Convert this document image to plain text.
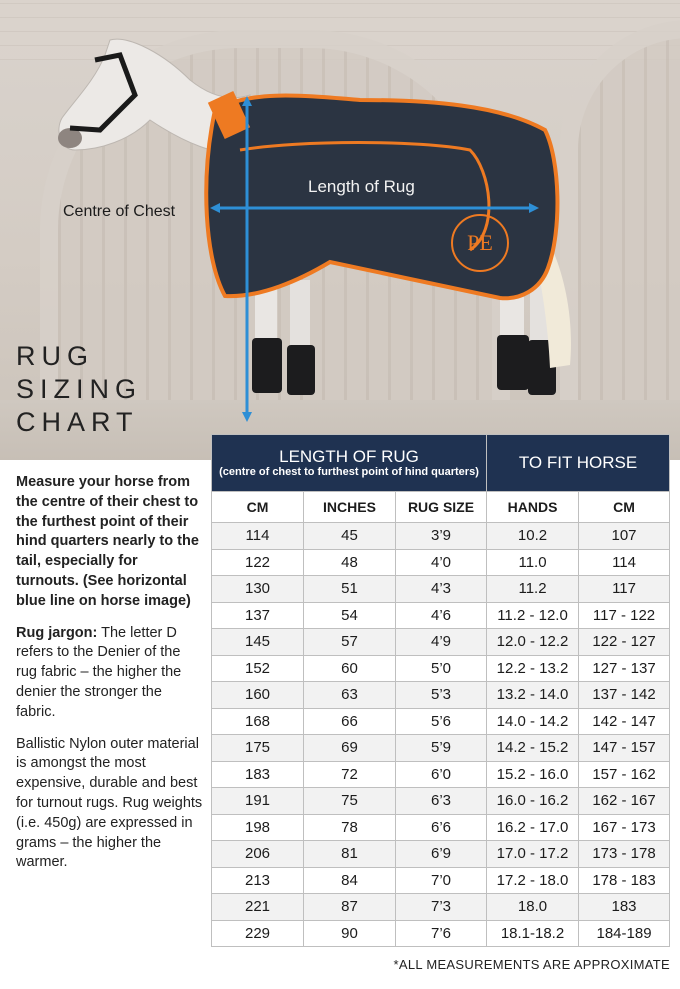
PE
Length of Rug
Centre of Chest
RUG
SIZING
CHART

Measure your horse from the centre of their chest to the furthest point of their hind quarters nearly to the tail, especially for turnouts. (See horizontal blue line on horse image)

Rug jargon: The letter D refers to the Denier of the rug fabric – the higher the denier the stronger the fabric.

Ballistic Nylon outer material is amongst the most expensive, durable and best for turnout rugs. Rug weights (i.e. 450g) are expressed in grams – the higher the warmer.

LENGTH OF RUG
(centre of chest to furthest point of hind quarters)			TO FIT HORSE	
CM	INCHES	RUG SIZE	HANDS	CM
114	45	3’9	10.2	107
122	48	4’0	11.0	114
130	51	4’3	11.2	117
137	54	4’6	11.2 - 12.0	117 - 122
145	57	4’9	12.0 - 12.2	122 - 127
152	60	5’0	12.2 - 13.2	127 - 137
160	63	5’3	13.2 - 14.0	137 - 142
168	66	5’6	14.0 - 14.2	142 - 147
175	69	5’9	14.2 - 15.2	147 - 157
183	72	6’0	15.2 - 16.0	157 - 162
191	75	6’3	16.0 - 16.2	162 - 167
198	78	6’6	16.2 - 17.0	167 - 173
206	81	6’9	17.0 - 17.2	173 - 178
213	84	7’0	17.2 - 18.0	178 - 183
221	87	7’3	18.0	183
229	90	7’6	18.1-18.2	184-189
*ALL MEASUREMENTS ARE APPROXIMATE
